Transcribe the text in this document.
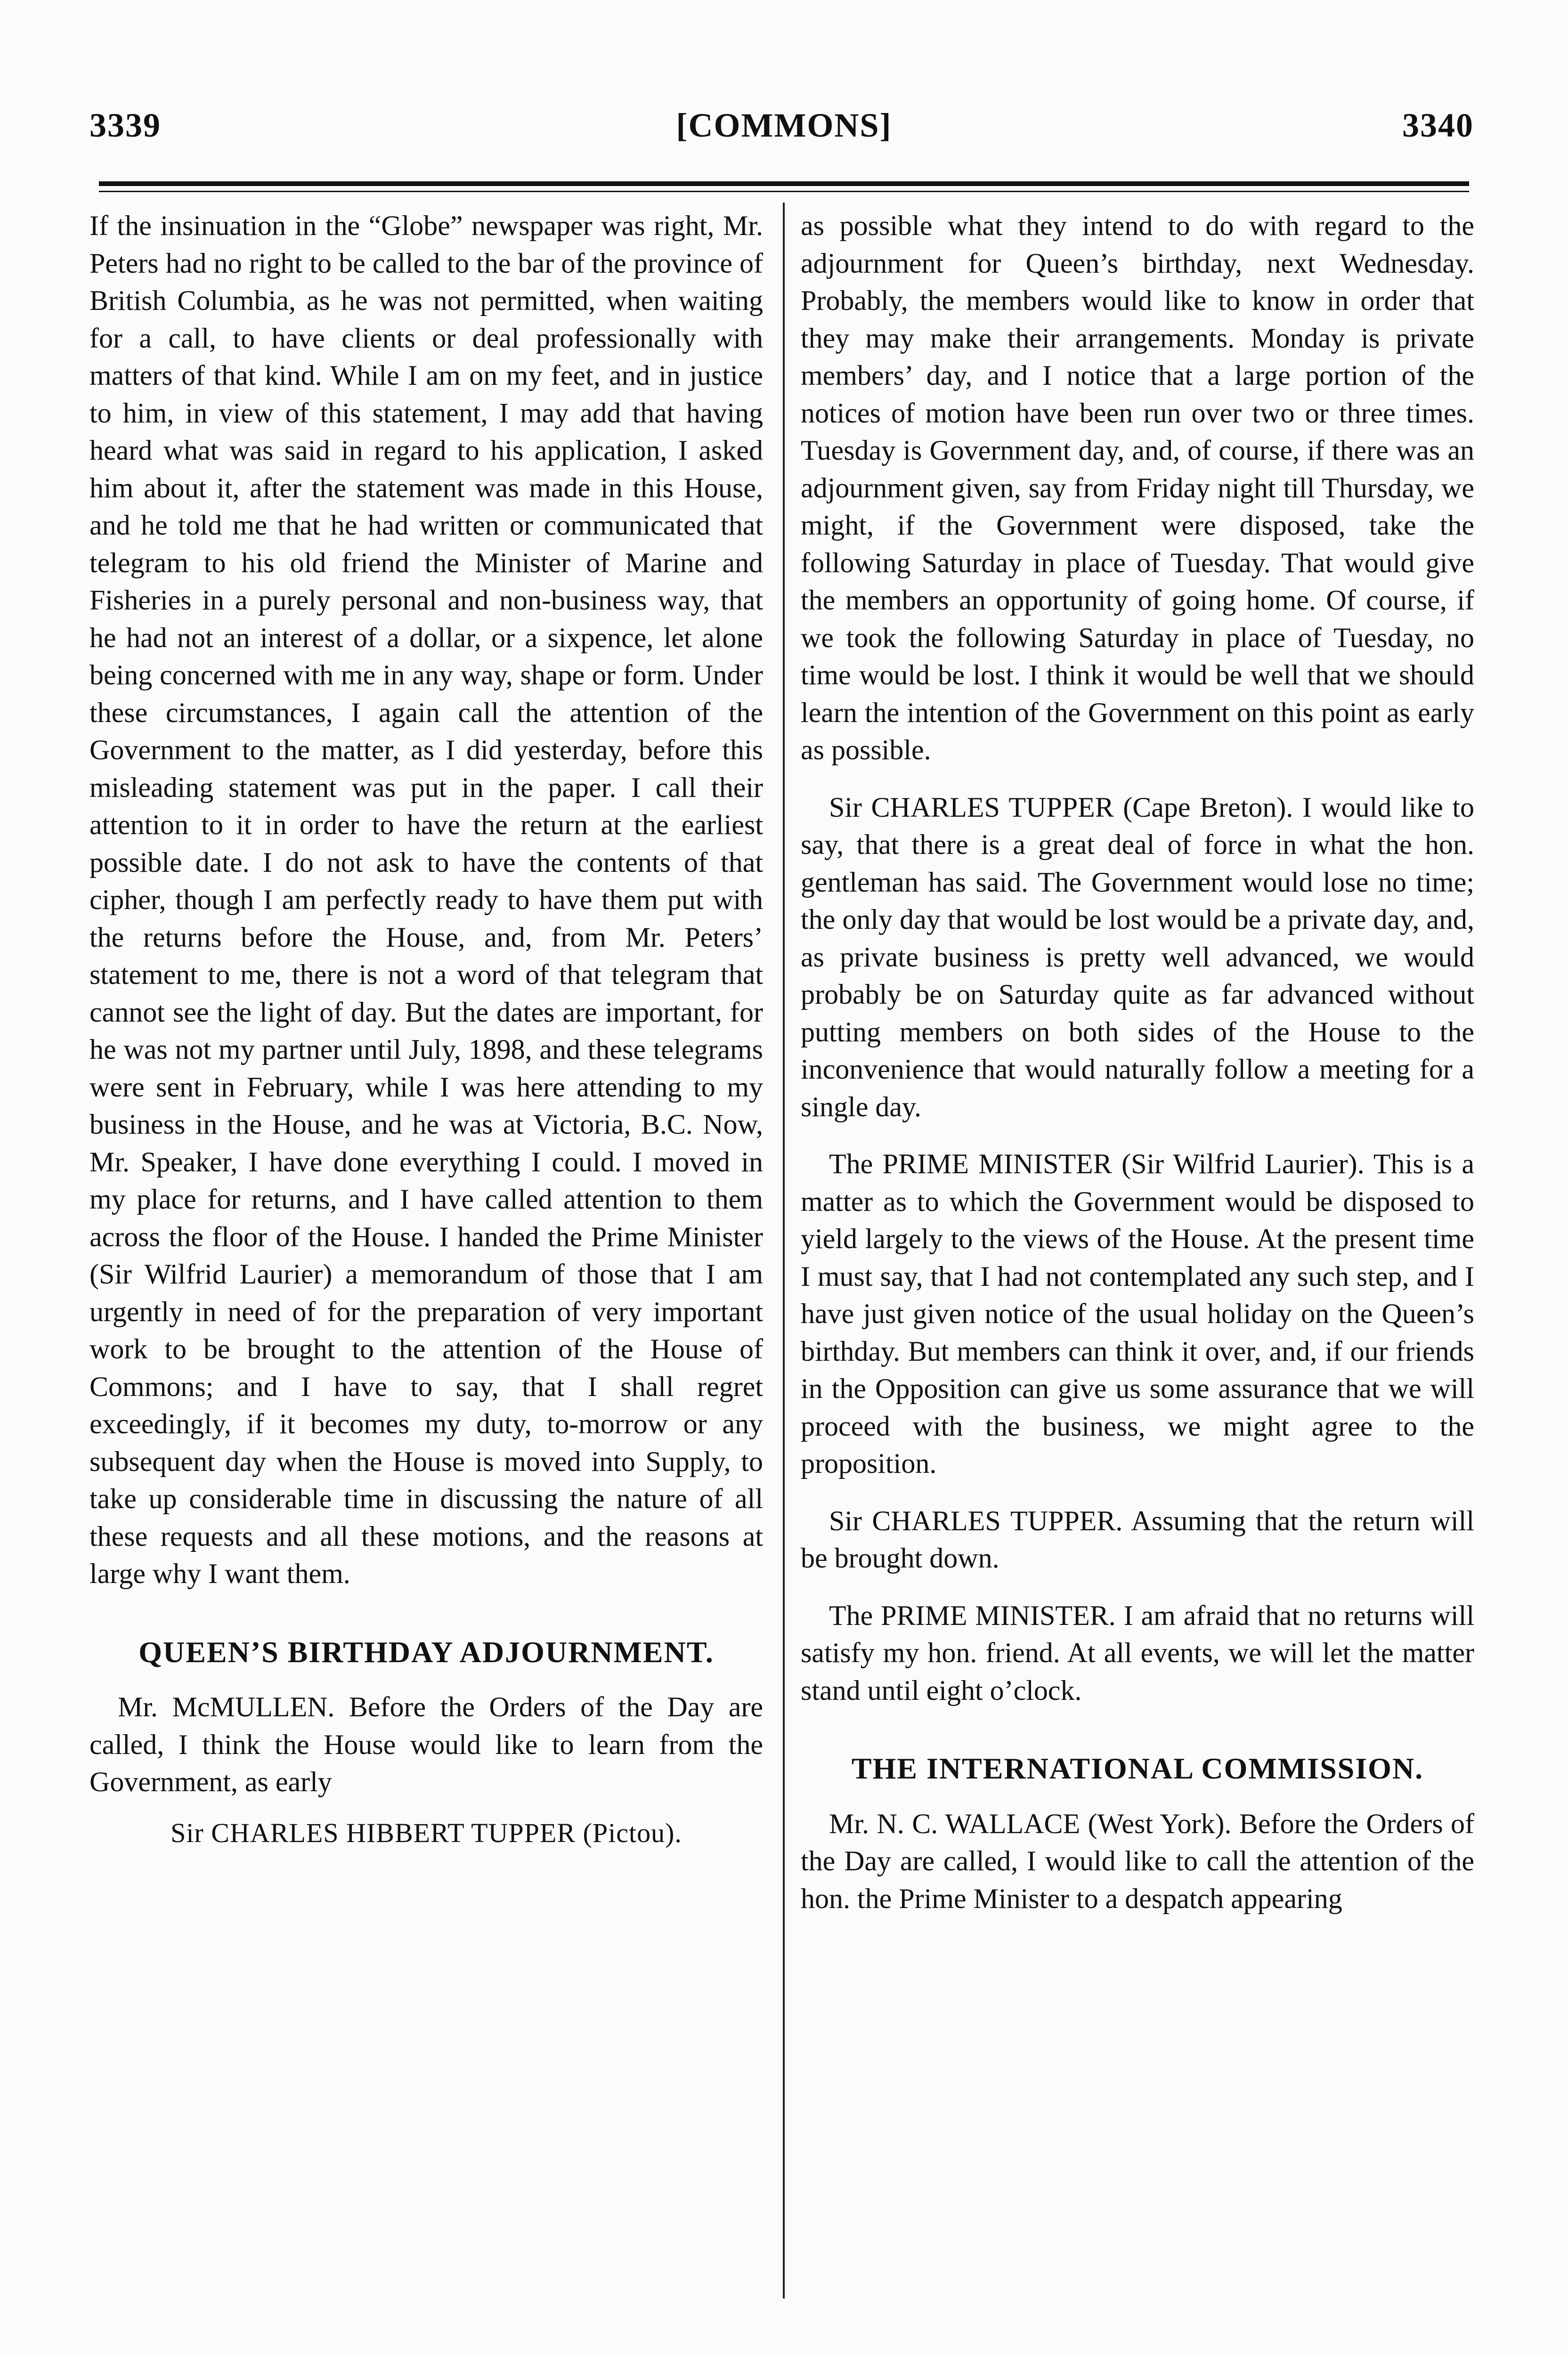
3339	[COMMONS]	3340

If the insinuation in the “Globe” newspaper was right, Mr. Peters had no right to be called to the bar of the province of British Columbia, as he was not permitted, when waiting for a call, to have clients or deal professionally with matters of that kind. While I am on my feet, and in justice to him, in view of this statement, I may add that having heard what was said in regard to his application, I asked him about it, after the statement was made in this House, and he told me that he had written or communicated that telegram to his old friend the Minister of Marine and Fisheries in a purely personal and non-business way, that he had not an interest of a dollar, or a sixpence, let alone being concerned with me in any way, shape or form. Under these circumstances, I again call the attention of the Government to the matter, as I did yesterday, before this misleading statement was put in the paper. I call their attention to it in order to have the return at the earliest possible date. I do not ask to have the contents of that cipher, though I am perfectly ready to have them put with the returns before the House, and, from Mr. Peters’ statement to me, there is not a word of that telegram that cannot see the light of day. But the dates are important, for he was not my partner until July, 1898, and these telegrams were sent in February, while I was here attending to my business in the House, and he was at Victoria, B.C. Now, Mr. Speaker, I have done everything I could. I moved in my place for returns, and I have called attention to them across the floor of the House. I handed the Prime Minister (Sir Wilfrid Laurier) a memorandum of those that I am urgently in need of for the preparation of very important work to be brought to the attention of the House of Commons; and I have to say, that I shall regret exceedingly, if it becomes my duty, to-morrow or any subsequent day when the House is moved into Supply, to take up considerable time in discussing the nature of all these requests and all these motions, and the reasons at large why I want them.

QUEEN’S BIRTHDAY ADJOURNMENT.

Mr. McMULLEN. Before the Orders of the Day are called, I think the House would like to learn from the Government, as early

Sir CHARLES HIBBERT TUPPER (Pictou).

as possible what they intend to do with regard to the adjournment for Queen’s birthday, next Wednesday. Probably, the members would like to know in order that they may make their arrangements. Monday is private members’ day, and I notice that a large portion of the notices of motion have been run over two or three times. Tuesday is Government day, and, of course, if there was an adjournment given, say from Friday night till Thursday, we might, if the Government were disposed, take the following Saturday in place of Tuesday. That would give the members an opportunity of going home. Of course, if we took the following Saturday in place of Tuesday, no time would be lost. I think it would be well that we should learn the intention of the Government on this point as early as possible.

Sir CHARLES TUPPER (Cape Breton). I would like to say, that there is a great deal of force in what the hon. gentleman has said. The Government would lose no time; the only day that would be lost would be a private day, and, as private business is pretty well advanced, we would probably be on Saturday quite as far advanced without putting members on both sides of the House to the inconvenience that would naturally follow a meeting for a single day.

The PRIME MINISTER (Sir Wilfrid Laurier). This is a matter as to which the Government would be disposed to yield largely to the views of the House. At the present time I must say, that I had not contemplated any such step, and I have just given notice of the usual holiday on the Queen’s birthday. But members can think it over, and, if our friends in the Opposition can give us some assurance that we will proceed with the business, we might agree to the proposition.

Sir CHARLES TUPPER. Assuming that the return will be brought down.

The PRIME MINISTER. I am afraid that no returns will satisfy my hon. friend. At all events, we will let the matter stand until eight o’clock.

THE INTERNATIONAL COMMISSION.

Mr. N. C. WALLACE (West York). Before the Orders of the Day are called, I would like to call the attention of the hon. the Prime Minister to a despatch appearing
